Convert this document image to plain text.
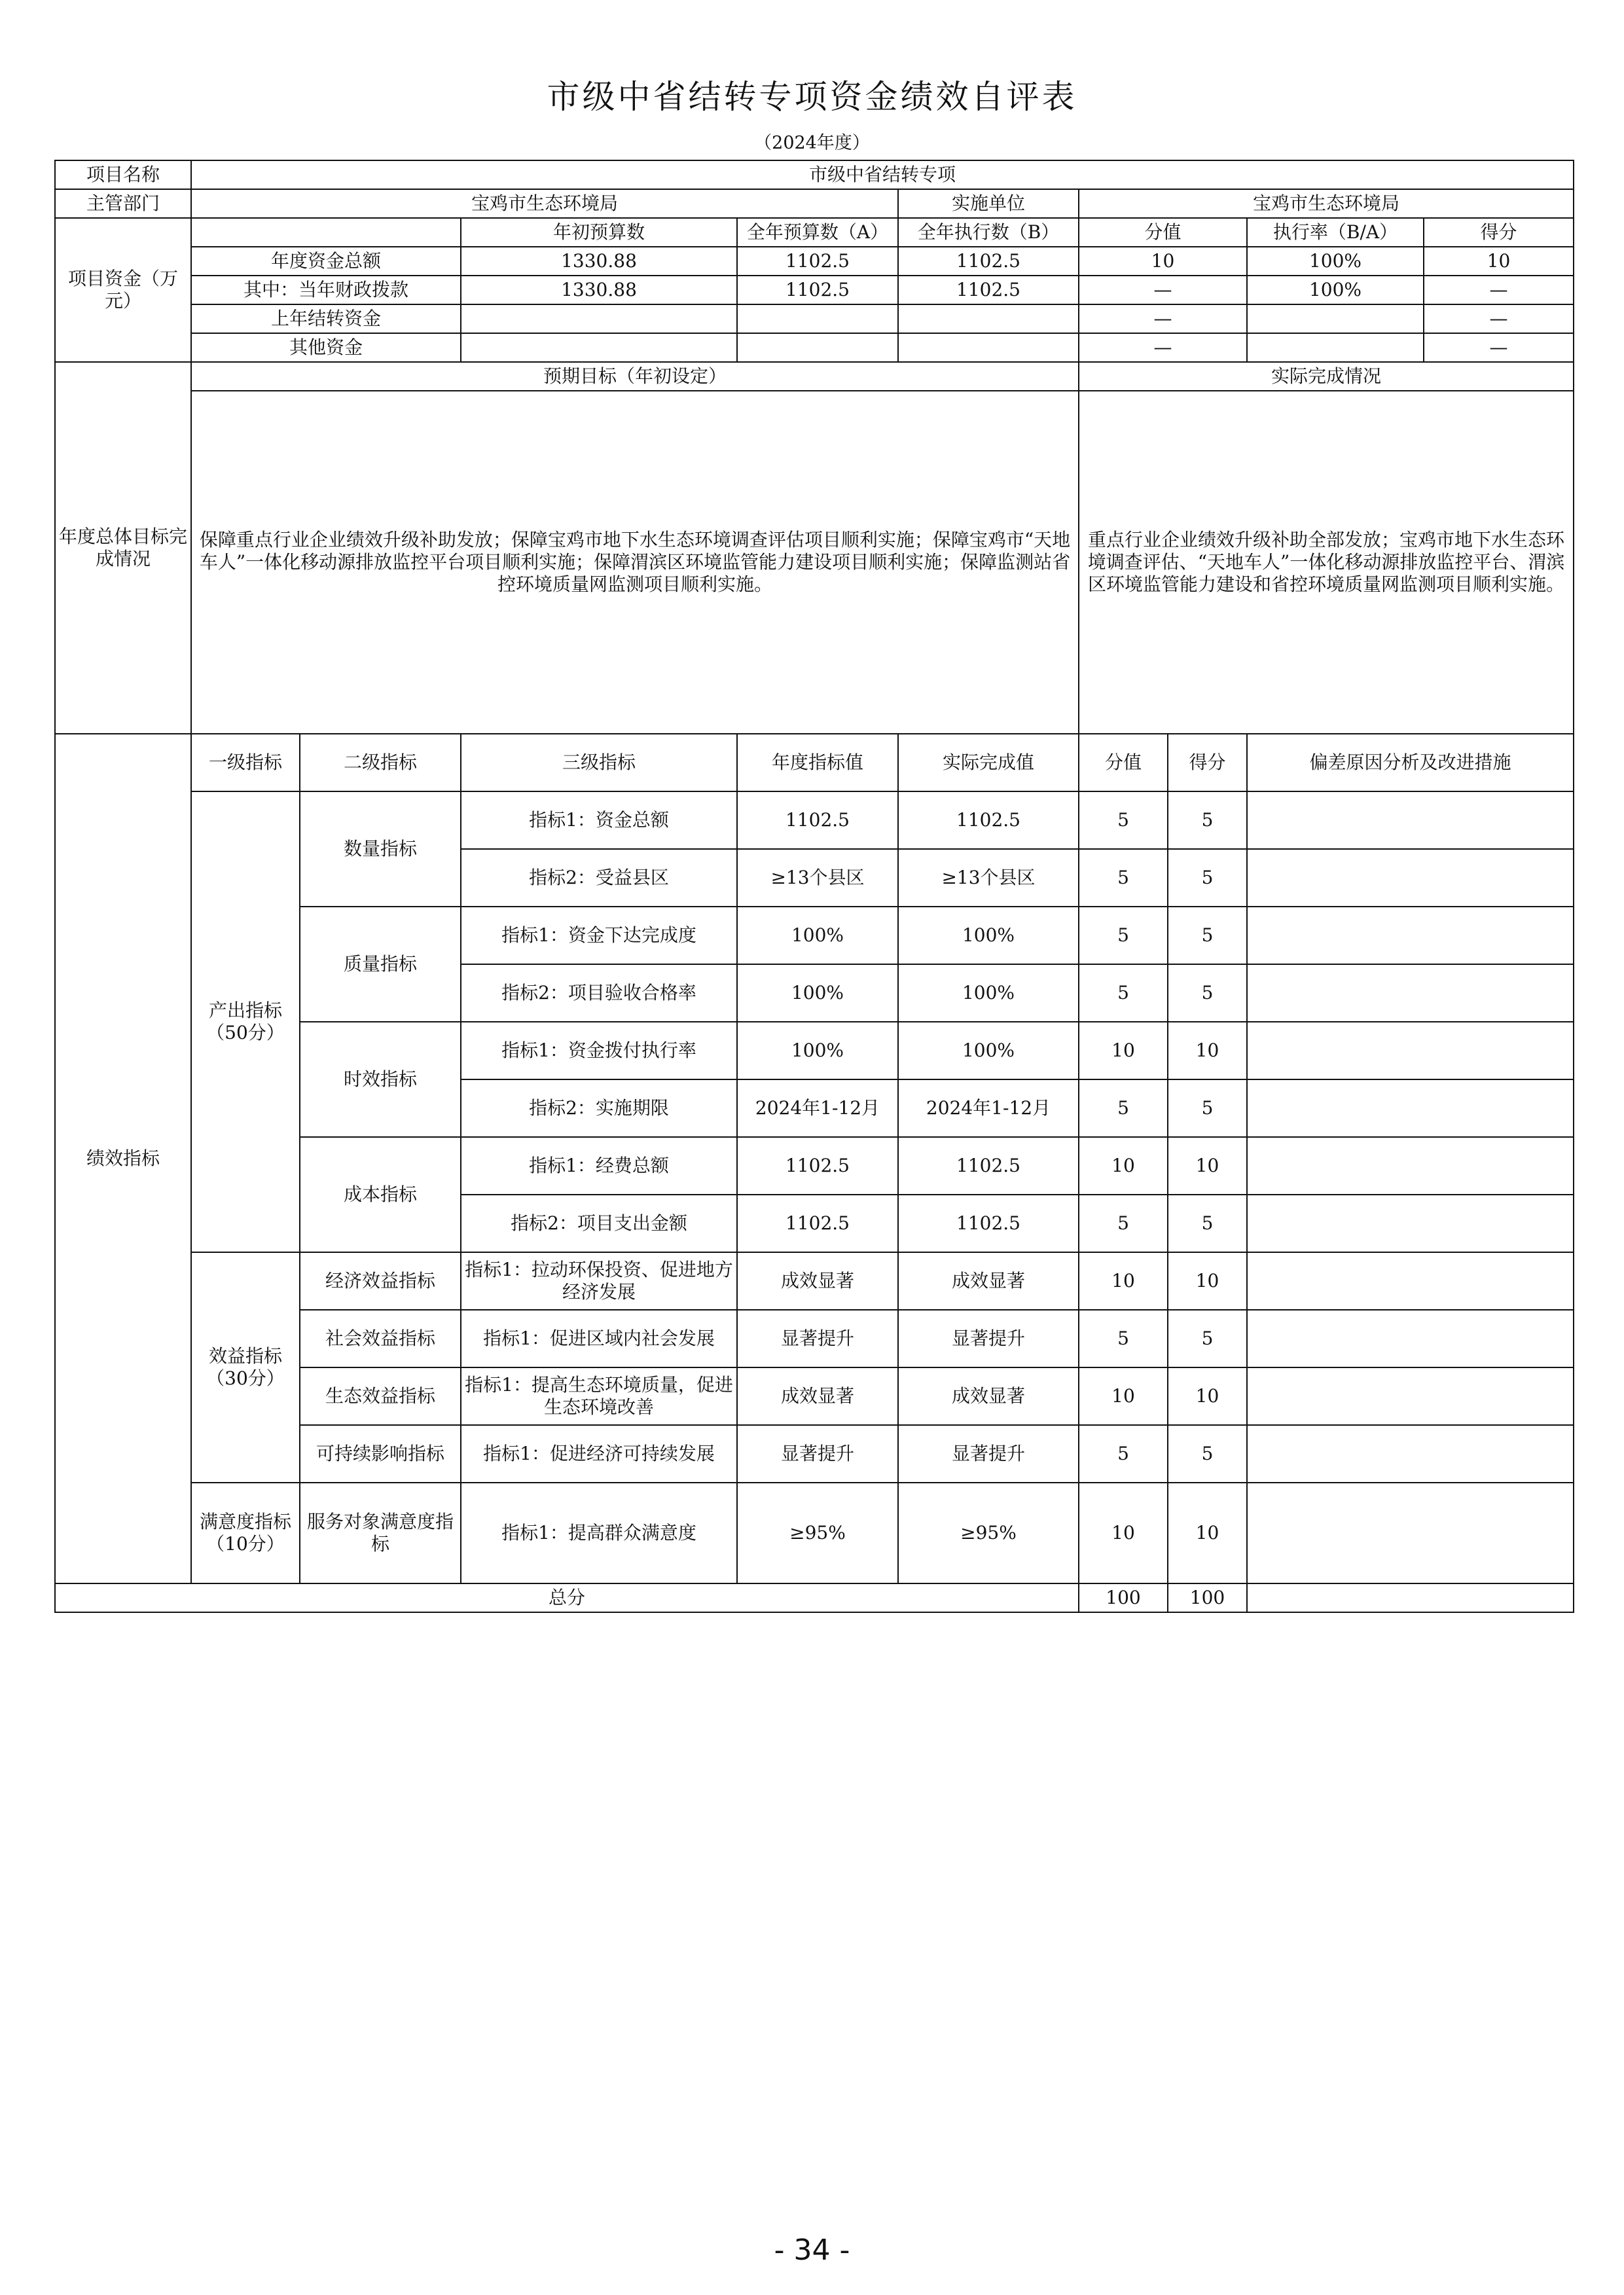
市级中省结转专项资金绩效自评表
（2024年度）
项目名称	市级中省结转专项								
主管部门	宝鸡市生态环境局				实施单位	宝鸡市生态环境局			
项目资金（万元）			年初预算数	全年预算数（A）	全年执行数（B）	分值		执行率（B/A）	得分
	年度资金总额		1330.88	1102.5	1102.5	10		100%	10
	其中：当年财政拨款		1330.88	1102.5	1102.5	—		100%	—
	上年结转资金					—			—
	其他资金					—			—
年度总体目标完成情况	预期目标（年初设定）					实际完成情况			
	保障重点行业企业绩效升级补助发放；保障宝鸡市地下水生态环境调查评估项目顺利实施；保障宝鸡市“天地车人”一体化移动源排放监控平台项目顺利实施；保障渭滨区环境监管能力建设项目顺利实施；保障监测站省控环境质量网监测项目顺利实施。					重点行业企业绩效升级补助全部发放；宝鸡市地下水生态环境调查评估、“天地车人”一体化移动源排放监控平台、渭滨区环境监管能力建设和省控环境质量网监测项目顺利实施。			
绩效指标	一级指标	二级指标	三级指标	年度指标值	实际完成值	分值	得分	偏差原因分析及改进措施	
	产出指标（50分）	数量指标	指标1：资金总额	1102.5	1102.5	5	5		
			指标2：受益县区	≥13个县区	≥13个县区	5	5		
		质量指标	指标1：资金下达完成度	100%	100%	5	5		
			指标2：项目验收合格率	100%	100%	5	5		
		时效指标	指标1：资金拨付执行率	100%	100%	10	10		
			指标2：实施期限	2024年1-12月	2024年1-12月	5	5		
		成本指标	指标1：经费总额	1102.5	1102.5	10	10		
			指标2：项目支出金额	1102.5	1102.5	5	5		
	效益指标（30分）	经济效益指标	指标1：拉动环保投资、促进地方经济发展	成效显著	成效显著	10	10		
		社会效益指标	指标1：促进区域内社会发展	显著提升	显著提升	5	5		
		生态效益指标	指标1：提高生态环境质量，促进生态环境改善	成效显著	成效显著	10	10		
		可持续影响指标	指标1：促进经济可持续发展	显著提升	显著提升	5	5		
	满意度指标（10分）	服务对象满意度指标	指标1：提高群众满意度	≥95%	≥95%	10	10		
总分						100	100		
- 34 -
